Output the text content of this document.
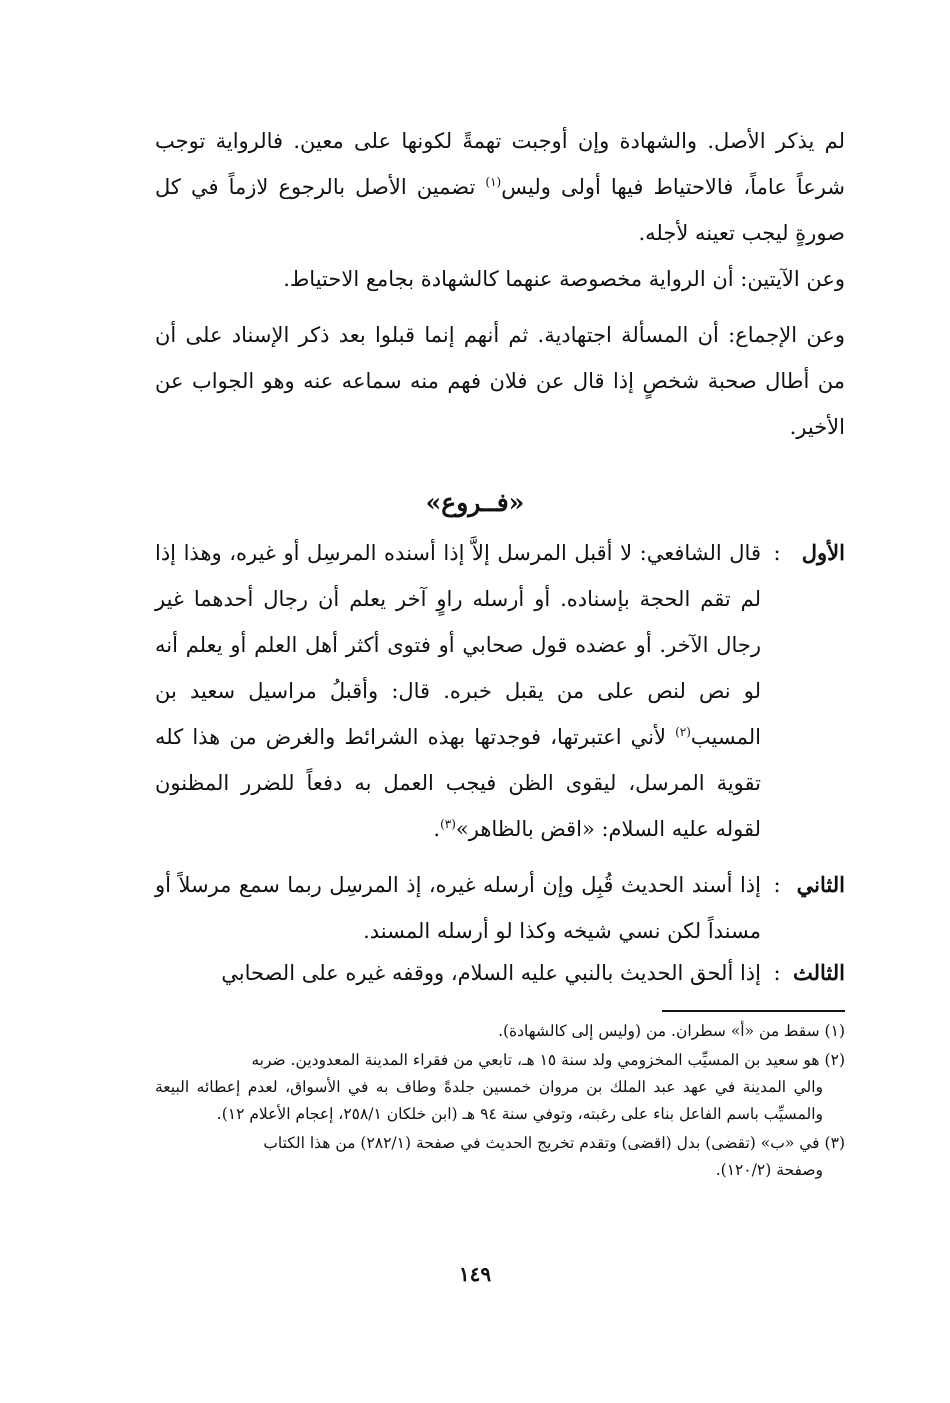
لم يذكر الأصل. والشهادة وإن أوجبت تهمةً لكونها على معين. فالرواية توجب شرعاً عاماً، فالاحتياط فيها أولى وليس$^{(١)}$ تضمين الأصل بالرجوع لازماً في كل صورةٍ ليجب تعينه لأجله.

وعن الآيتين: أن الرواية مخصوصة عنهما كالشهادة بجامع الاحتياط.

وعن الإجماع: أن المسألة اجتهادية. ثم أنهم إنما قبلوا بعد ذكر الإسناد على أن من أطال صحبة شخصٍ إذا قال عن فلان فهم منه سماعه عنه وهو الجواب عن الأخير.

«فــروع»
الأول
:
قال الشافعي: لا أقبل المرسل إلاَّ إذا أسنده المرسِل أو غيره، وهذا إذا لم تقم الحجة بإسناده. أو أرسله راوٍ آخر يعلم أن رجال أحدهما غير رجال الآخر. أو عضده قول صحابي أو فتوى أكثر أهل العلم أو يعلم أنه لو نص لنص على من يقبل خبره. قال: وأقبلُ مراسيل سعيد بن المسيب$^{(٢)}$ لأني اعتبرتها، فوجدتها بهذه الشرائط والغرض من هذا كله تقوية المرسل، ليقوى الظن فيجب العمل به دفعاً للضرر المظنون لقوله عليه السلام: «اقض بالظاهر»$^{(٣)}$.
الثاني
:
إذا أسند الحديث قُبِل وإن أرسله غيره، إذ المرسِل ربما سمع مرسلاً أو مسنداً لكن نسي شيخه وكذا لو أرسله المسند.
الثالث
:
إذا ألحق الحديث بالنبي عليه السلام، ووقفه غيره على الصحابي
(١) سقط من «أ» سطران. من (وليس إلى كالشهادة).
(٢) هو سعيد بن المسيِّب المخزومي ولد سنة ١٥ هـ، تابعي من فقراء المدينة المعدودين. ضربه
والي المدينة في عهد عبد الملك بن مروان خمسين جلدةً وطاف به في الأسواق، لعدم إعطائه البيعة والمسيِّب باسم الفاعل بناء على رغبته، وتوفي سنة ٩٤ هـ (ابن خلكان ٢٥٨/١، إعجام الأعلام ١٢).
(٣) في «ب» (تقضى) بدل (اقضى) وتقدم تخريج الحديث في صفحة (٢٨٢/١) من هذا الكتاب
وصفحة (١٢٠/٢).
١٤٩
